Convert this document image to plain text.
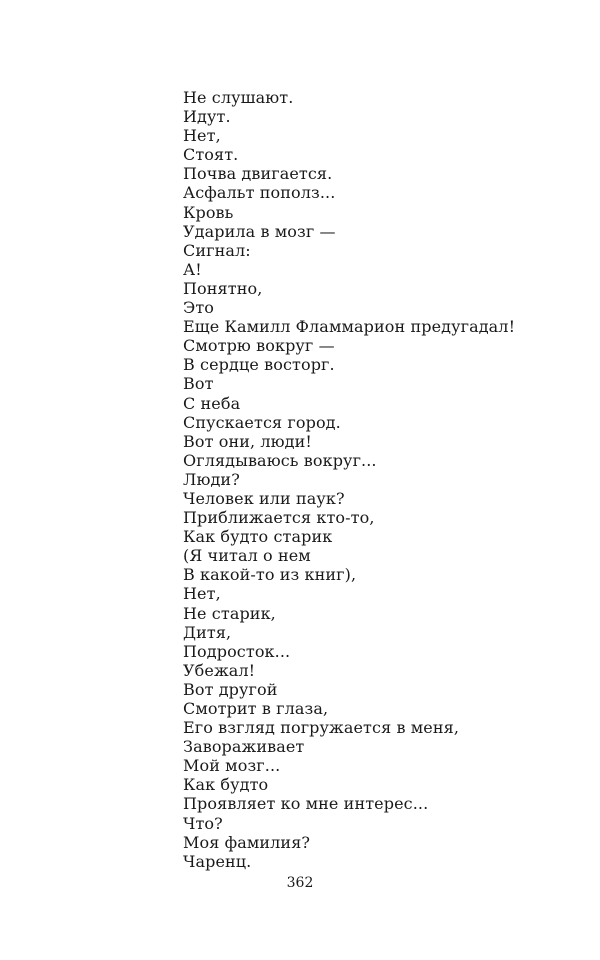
Не слушают.
Идут.
Нет,
Стоят.
Почва двигается.
Асфальт пополз...
Кровь
Ударила в мозг —
Сигнал:
А!
Понятно,
Это
Еще Камилл Фламмарион предугадал!
Смотрю вокруг —
В сердце восторг.
Вот
С неба
Спускается город.
Вот они, люди!
Оглядываюсь вокруг...
Люди?
Человек или паук?
Приближается кто-то,
Как будто старик
(Я читал о нем
В какой-то из книг),
Нет,
Не старик,
Дитя,
Подросток...
Убежал!
Вот другой
Смотрит в глаза,
Его взгляд погружается в меня,
Завораживает
Мой мозг...
Как будто
Проявляет ко мне интерес...
Что?
Моя фамилия?
Чаренц.
362
